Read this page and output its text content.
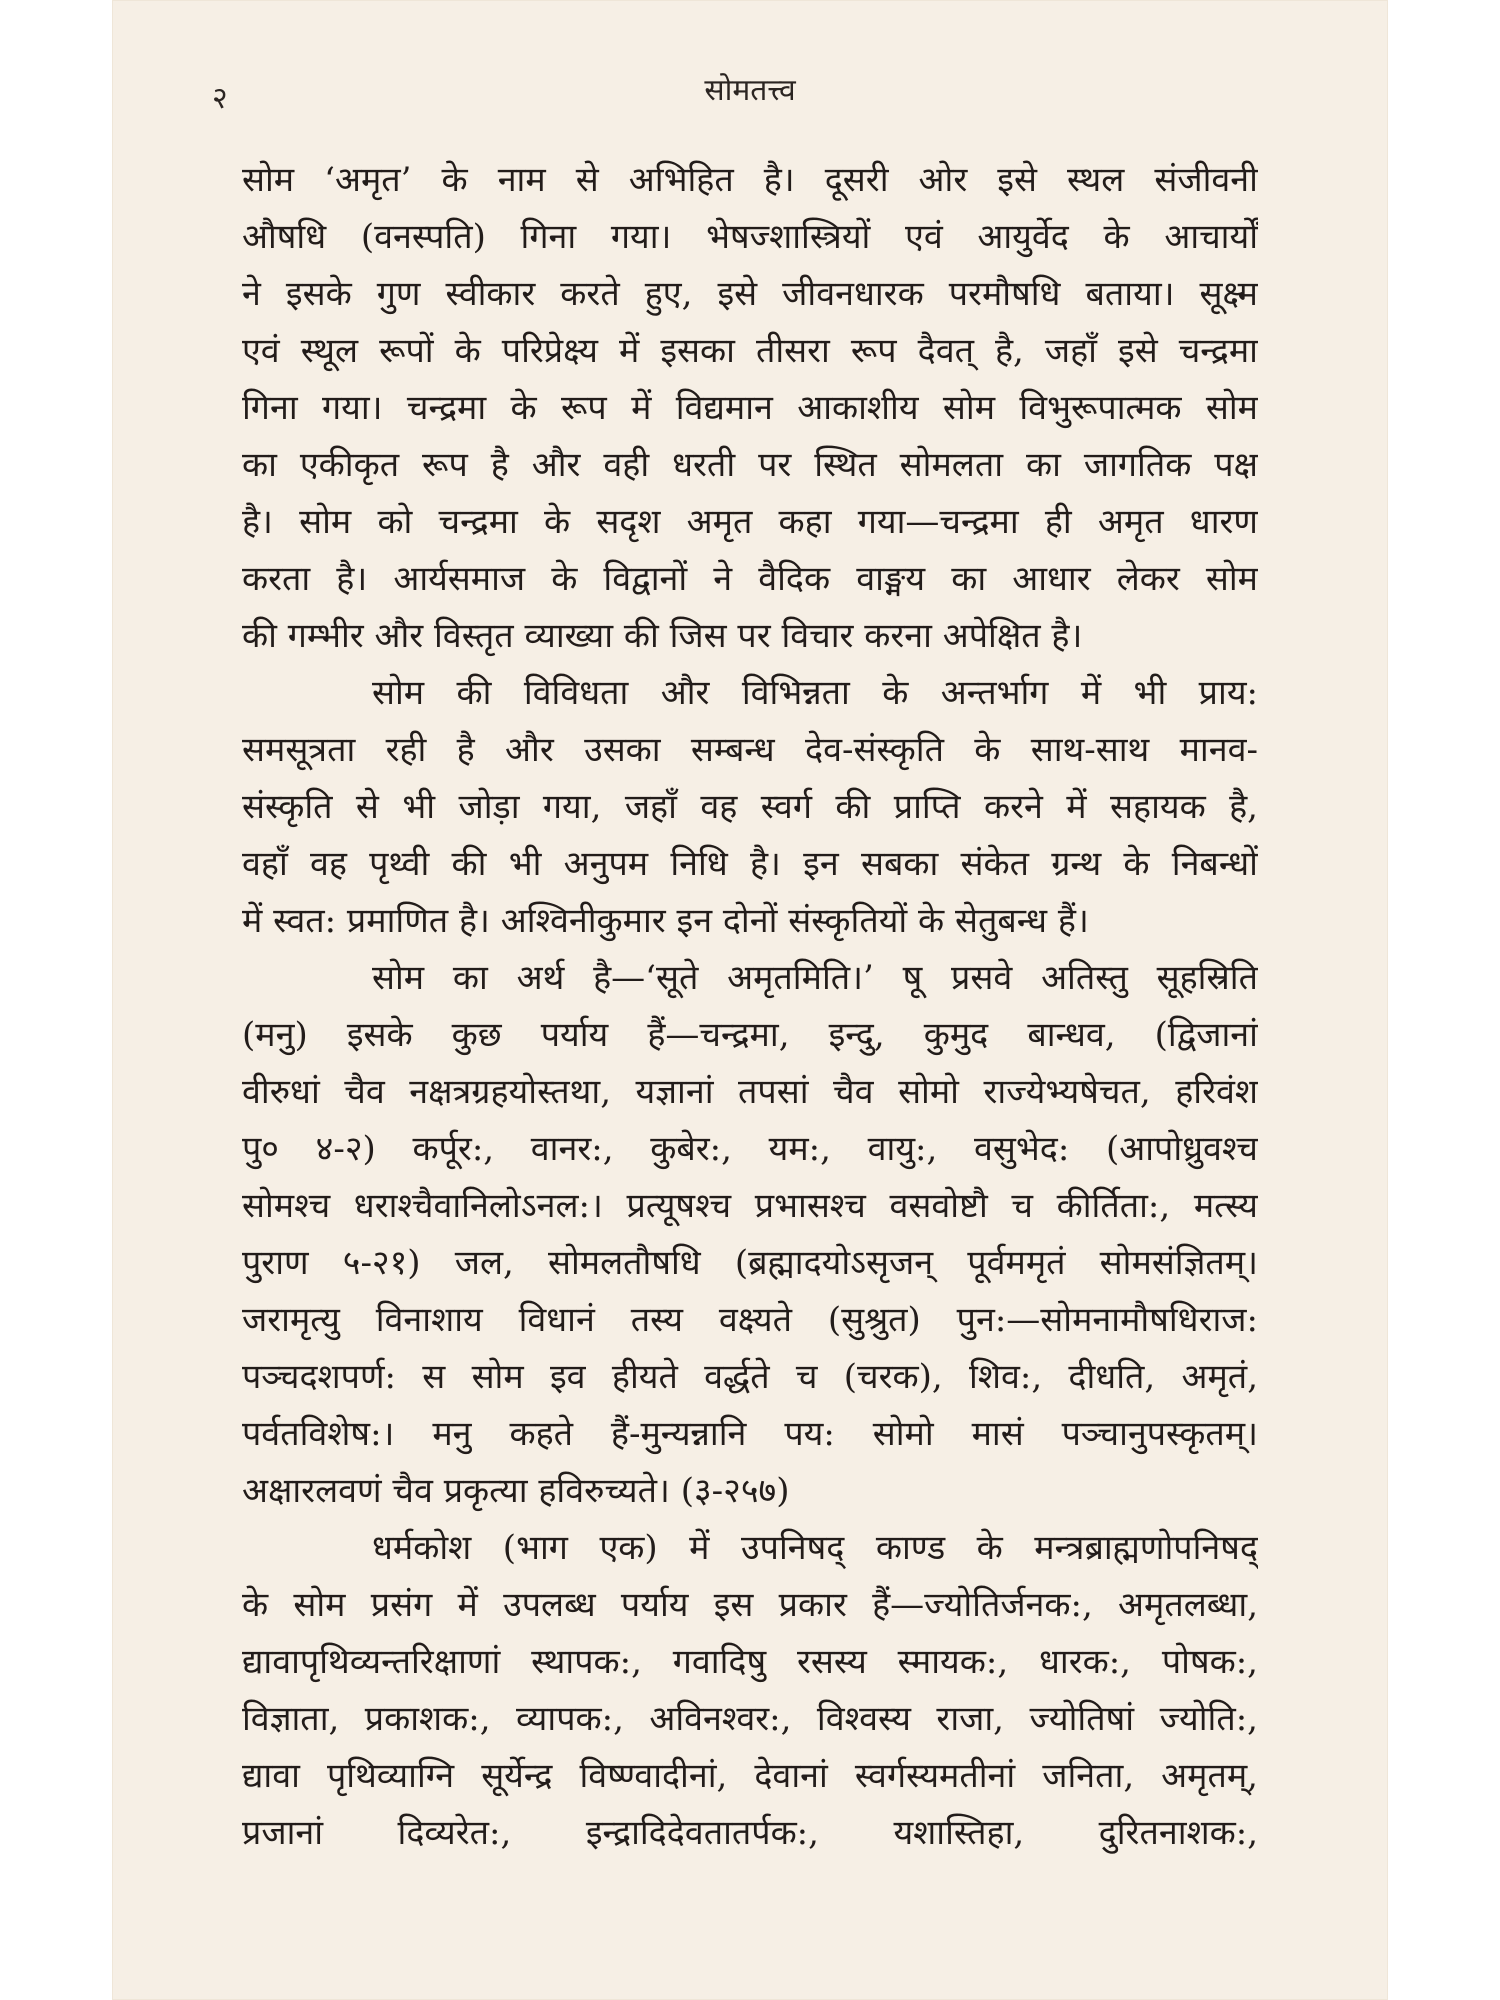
२	सोमतत्त्व
सोम ‘अमृत’ के नाम से अभिहित है। दूसरी ओर इसे स्थल संजीवनी
औषधि (वनस्पति) गिना गया। भेषज्शास्त्रियों एवं आयुर्वेद के आचार्यों
ने इसके गुण स्वीकार करते हुए, इसे जीवनधारक परमौषधि बताया। सूक्ष्म
एवं स्थूल रूपों के परिप्रेक्ष्य में इसका तीसरा रूप दैवत् है, जहाँ इसे चन्द्रमा
गिना गया। चन्द्रमा के रूप में विद्यमान आकाशीय सोम विभुरूपात्मक सोम
का एकीकृत रूप है और वही धरती पर स्थित सोमलता का जागतिक पक्ष
है। सोम को चन्द्रमा के सदृश अमृत कहा गया—चन्द्रमा ही अमृत धारण
करता है। आर्यसमाज के विद्वानों ने वैदिक वाङ्मय का आधार लेकर सोम
की गम्भीर और विस्तृत व्याख्या की जिस पर विचार करना अपेक्षित है।
सोम की विविधता और विभिन्नता के अन्तर्भाग में भी प्राय:
समसूत्रता रही है और उसका सम्बन्ध देव-संस्कृति के साथ-साथ मानव-
संस्कृति से भी जोड़ा गया, जहाँ वह स्वर्ग की प्राप्ति करने में सहायक है,
वहाँ वह पृथ्वी की भी अनुपम निधि है। इन सबका संकेत ग्रन्थ के निबन्धों
में स्वत: प्रमाणित है। अश्विनीकुमार इन दोनों संस्कृतियों के सेतुबन्ध हैं।
सोम का अर्थ है—‘सूते अमृतमिति।’ षू प्रसवे अतिस्तु सूहस्रिति
(मनु) इसके कुछ पर्याय हैं—चन्द्रमा, इन्दु, कुमुद बान्धव, (द्विजानां
वीरुधां चैव नक्षत्रग्रहयोस्तथा, यज्ञानां तपसां चैव सोमो राज्येभ्यषेचत, हरिवंश
पु० ४-२) कर्पूर:, वानर:, कुबेर:, यम:, वायु:, वसुभेद: (आपोध्रुवश्च
सोमश्च धराश्चैवानिलोऽनल:। प्रत्यूषश्च प्रभासश्च वसवोष्टौ च कीर्तिता:, मत्स्य
पुराण ५-२१) जल, सोमलतौषधि (ब्रह्मादयोऽसृजन् पूर्वममृतं सोमसंज्ञितम्।
जरामृत्यु विनाशाय विधानं तस्य वक्ष्यते (सुश्रुत) पुन:—सोमनामौषधिराज:
पञ्चदशपर्ण: स सोम इव हीयते वर्द्धते च (चरक), शिव:, दीधति, अमृतं,
पर्वतविशेष:। मनु कहते हैं-मुन्यन्नानि पय: सोमो मासं पञ्चानुपस्कृतम्।
अक्षारलवणं चैव प्रकृत्या हविरुच्यते। (३-२५७)
धर्मकोश (भाग एक) में उपनिषद् काण्ड के मन्त्रब्राह्मणोपनिषद्
के सोम प्रसंग में उपलब्ध पर्याय इस प्रकार हैं—ज्योतिर्जनक:, अमृतलब्धा,
द्यावापृथिव्यन्तरिक्षाणां स्थापक:, गवादिषु रसस्य स्मायक:, धारक:, पोषक:,
विज्ञाता, प्रकाशक:, व्यापक:, अविनश्वर:, विश्वस्य राजा, ज्योतिषां ज्योति:,
द्यावा पृथिव्याग्नि सूर्येन्द्र विष्ण्वादीनां, देवानां स्वर्गस्यमतीनां जनिता, अमृतम्,
प्रजानां दिव्यरेत:, इन्द्रादिदेवतातर्पक:, यशास्तिहा, दुरितनाशक:,
